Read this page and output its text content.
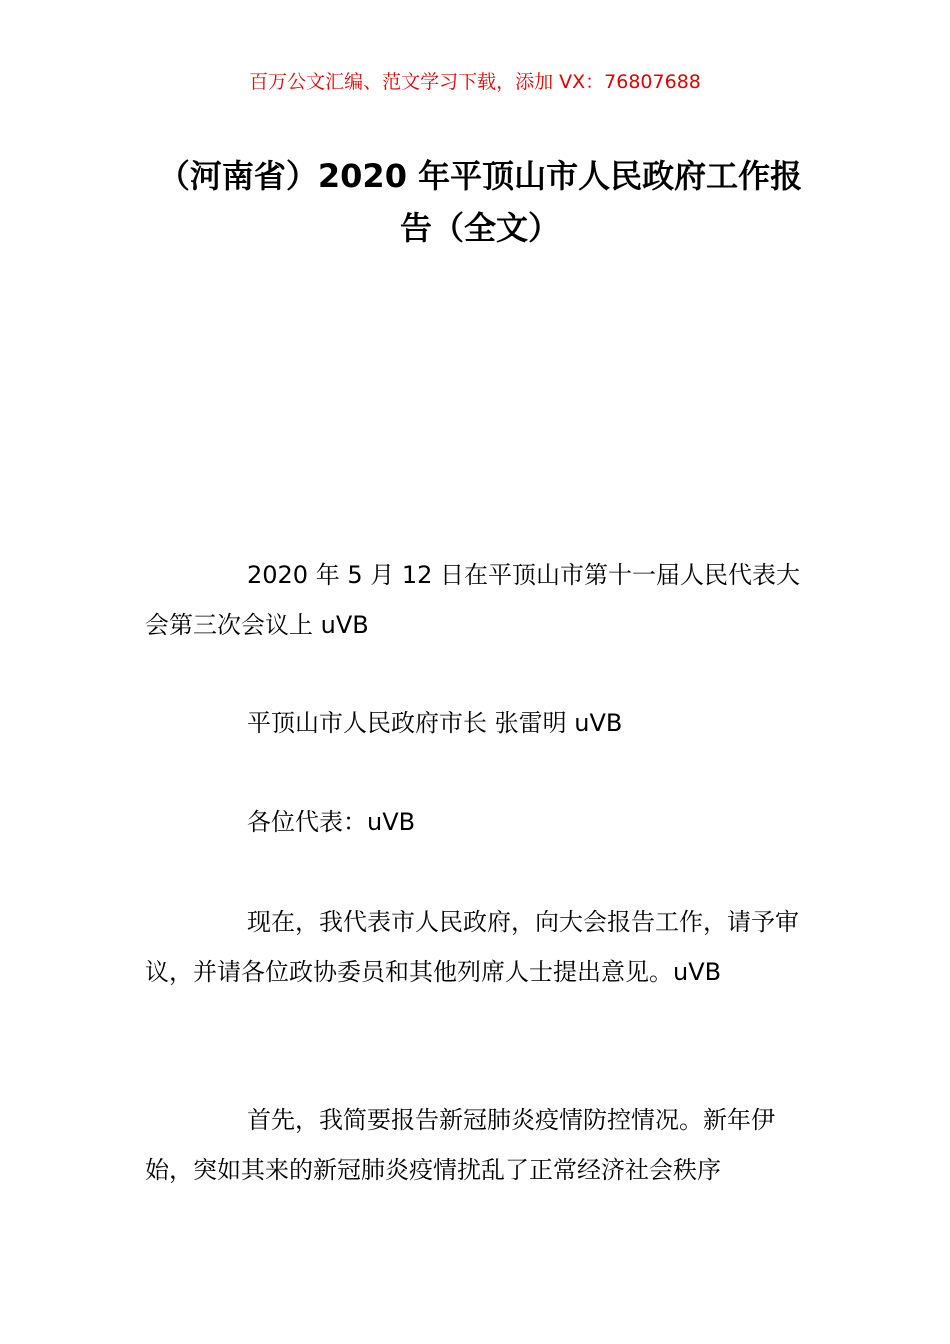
百万公文汇编、范文学习下载，添加 VX：76807688
（河南省）2020 年平顶山市人民政府工作报告（全文）

2020 年 5 月 12 日在平顶山市第十一届人民代表大会第三次会议上 uVB

平顶山市人民政府市长 张雷明 uVB

各位代表：uVB

现在，我代表市人民政府，向大会报告工作，请予审议，并请各位政协委员和其他列席人士提出意见。uVB

首先，我简要报告新冠肺炎疫情防控情况。新年伊始，突如其来的新冠肺炎疫情扰乱了正常经济社会秩序
